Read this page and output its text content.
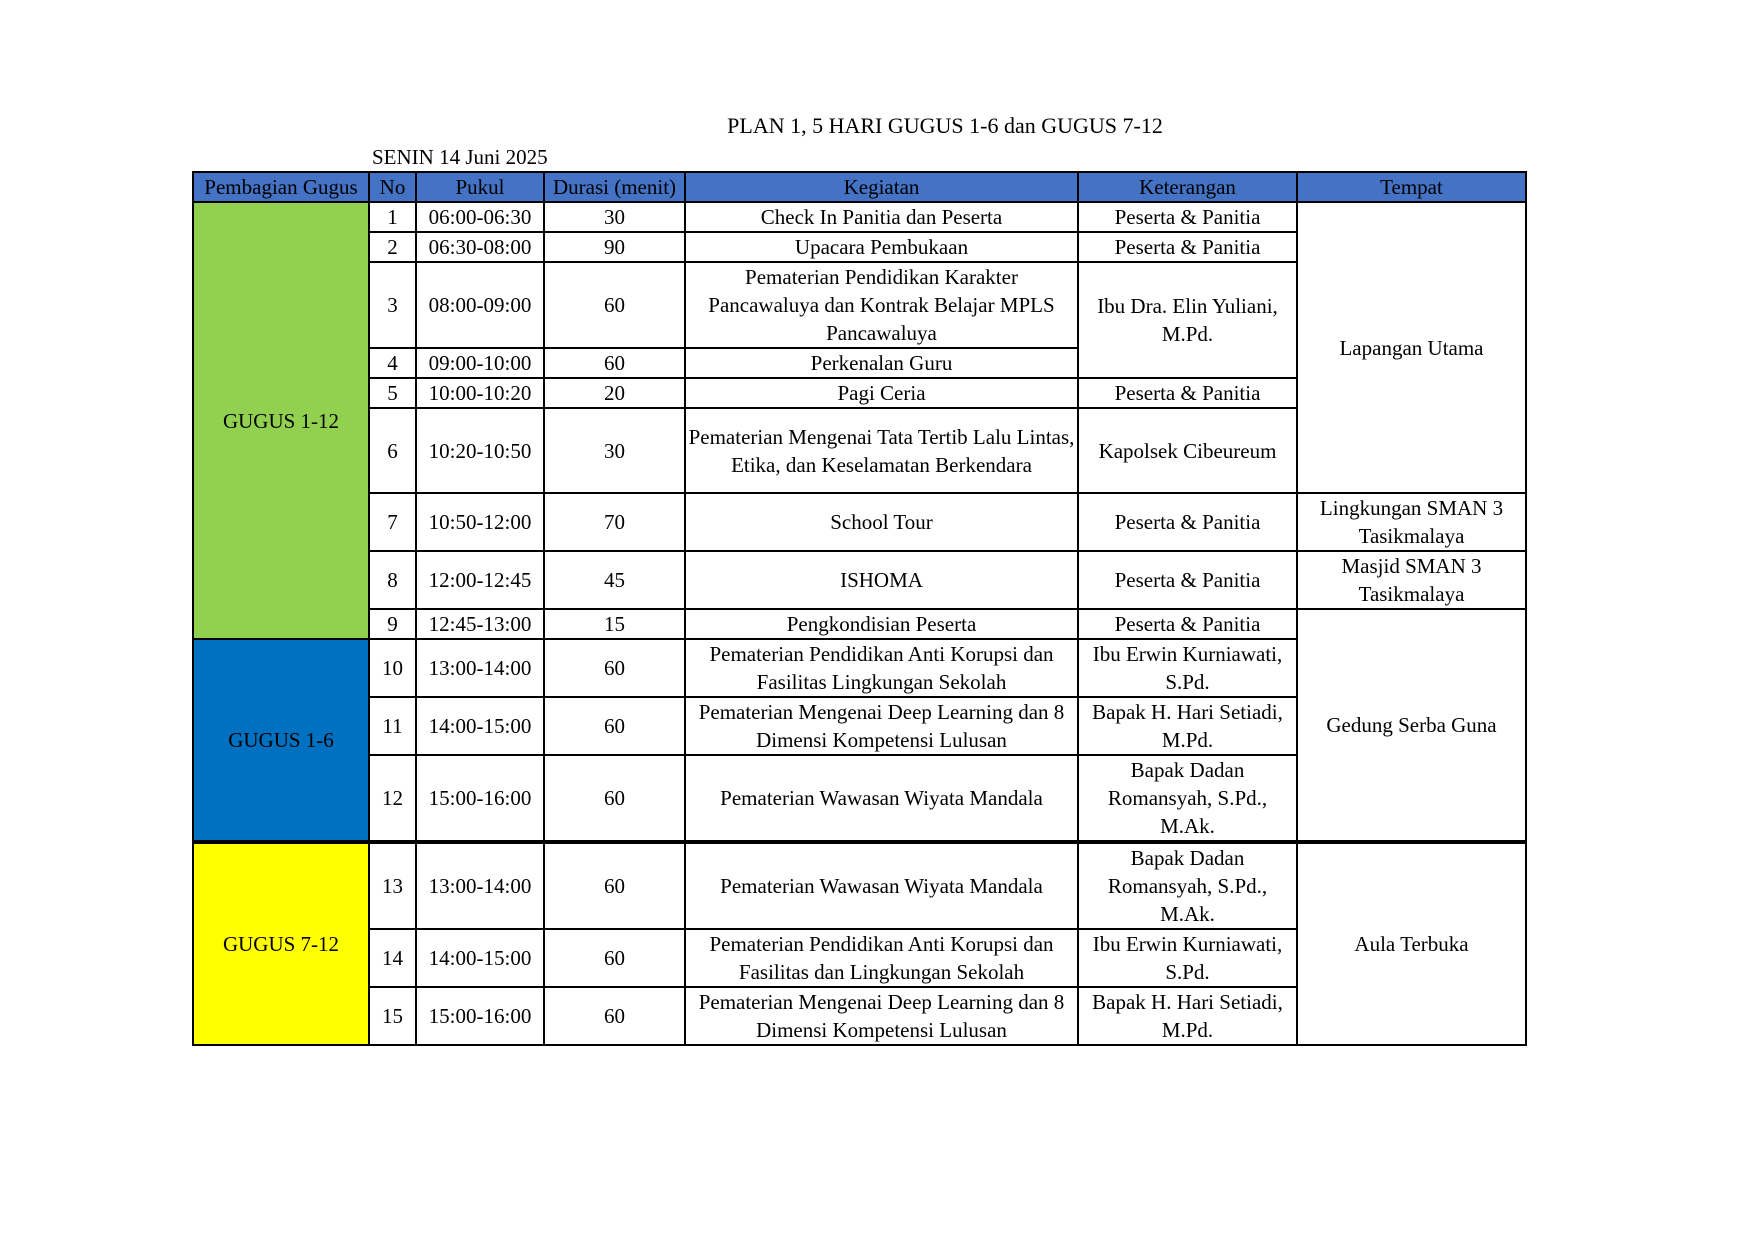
PLAN 1, 5 HARI GUGUS 1-6 dan GUGUS 7-12
SENIN 14 Juni 2025
Pembagian Gugus	No	Pukul	Durasi (menit)	Kegiatan	Keterangan	Tempat
GUGUS 1-12	1	06:00-06:30	30	Check In Panitia dan Peserta	Peserta & Panitia	Lapangan Utama
	2	06:30-08:00	90	Upacara Pembukaan	Peserta & Panitia	
	3	08:00-09:00	60	Pematerian Pendidikan Karakter Pancawaluya dan Kontrak Belajar MPLS Pancawaluya	Ibu Dra. Elin Yuliani, M.Pd.	
	4	09:00-10:00	60	Perkenalan Guru		
	5	10:00-10:20	20	Pagi Ceria	Peserta & Panitia	
	6	10:20-10:50	30	Pematerian Mengenai Tata Tertib Lalu Lintas, Etika, dan Keselamatan Berkendara	Kapolsek Cibeureum	
	7	10:50-12:00	70	School Tour	Peserta & Panitia	Lingkungan SMAN 3 Tasikmalaya
	8	12:00-12:45	45	ISHOMA	Peserta & Panitia	Masjid SMAN 3 Tasikmalaya
	9	12:45-13:00	15	Pengkondisian Peserta	Peserta & Panitia	Gedung Serba Guna
GUGUS 1-6	10	13:00-14:00	60	Pematerian Pendidikan Anti Korupsi dan Fasilitas Lingkungan Sekolah	Ibu Erwin Kurniawati, S.Pd.	
	11	14:00-15:00	60	Pematerian Mengenai Deep Learning dan 8 Dimensi Kompetensi Lulusan	Bapak H. Hari Setiadi, M.Pd.	
	12	15:00-16:00	60	Pematerian Wawasan Wiyata Mandala	Bapak Dadan Romansyah, S.Pd., M.Ak.	
GUGUS 7-12	13	13:00-14:00	60	Pematerian Wawasan Wiyata Mandala	Bapak Dadan Romansyah, S.Pd., M.Ak.	Aula Terbuka
	14	14:00-15:00	60	Pematerian Pendidikan Anti Korupsi dan Fasilitas dan Lingkungan Sekolah	Ibu Erwin Kurniawati, S.Pd.	
	15	15:00-16:00	60	Pematerian Mengenai Deep Learning dan 8 Dimensi Kompetensi Lulusan	Bapak H. Hari Setiadi, M.Pd.	
